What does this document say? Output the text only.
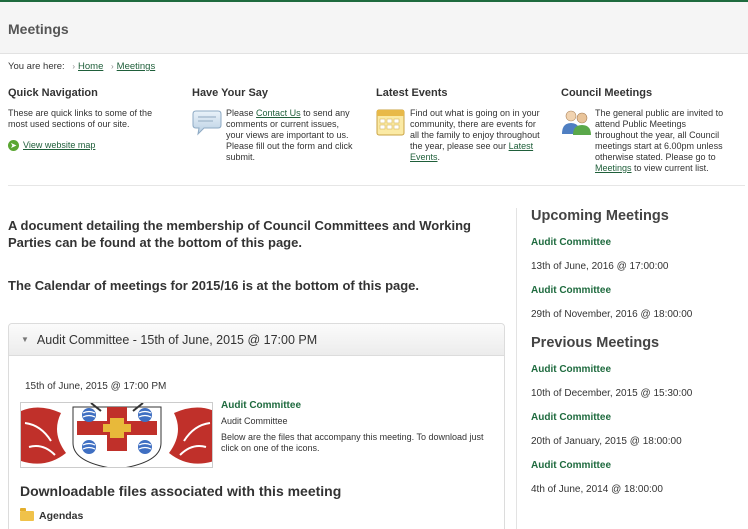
Meetings
You are here: › Home › Meetings
Quick Navigation
These are quick links to some of the most used sections of our site.
➤ View website map
Have Your Say
Please Contact Us to send any comments or current issues, your views are important to us. Please fill out the form and click submit.
Latest Events
Find out what is going on in your community, there are events for all the family to enjoy throughout the year, please see our Latest Events.
Council Meetings
The general public are invited to attend Public Meetings throughout the year, all Council meetings start at 6.00pm unless otherwise stated. Please go to Meetings to view current list.
A document detailing the membership of Council Committees and Working Parties can be found at the bottom of this page.
The Calendar of meetings for 2015/16 is at the bottom of this page.
▼ Audit Committee - 15th of June, 2015 @ 17:00 PM
15th of June, 2015 @ 17:00 PM
Audit Committee
Audit Committee
Below are the files that accompany this meeting. To download just click on one of the icons.
Downloadable files associated with this meeting
Agendas
Upcoming Meetings
Audit Committee
13th of June, 2016 @ 17:00:00
Audit Committee
29th of November, 2016 @ 18:00:00
Previous Meetings
Audit Committee
10th of December, 2015 @ 15:30:00
Audit Committee
20th of January, 2015 @ 18:00:00
Audit Committee
4th of June, 2014 @ 18:00:00
